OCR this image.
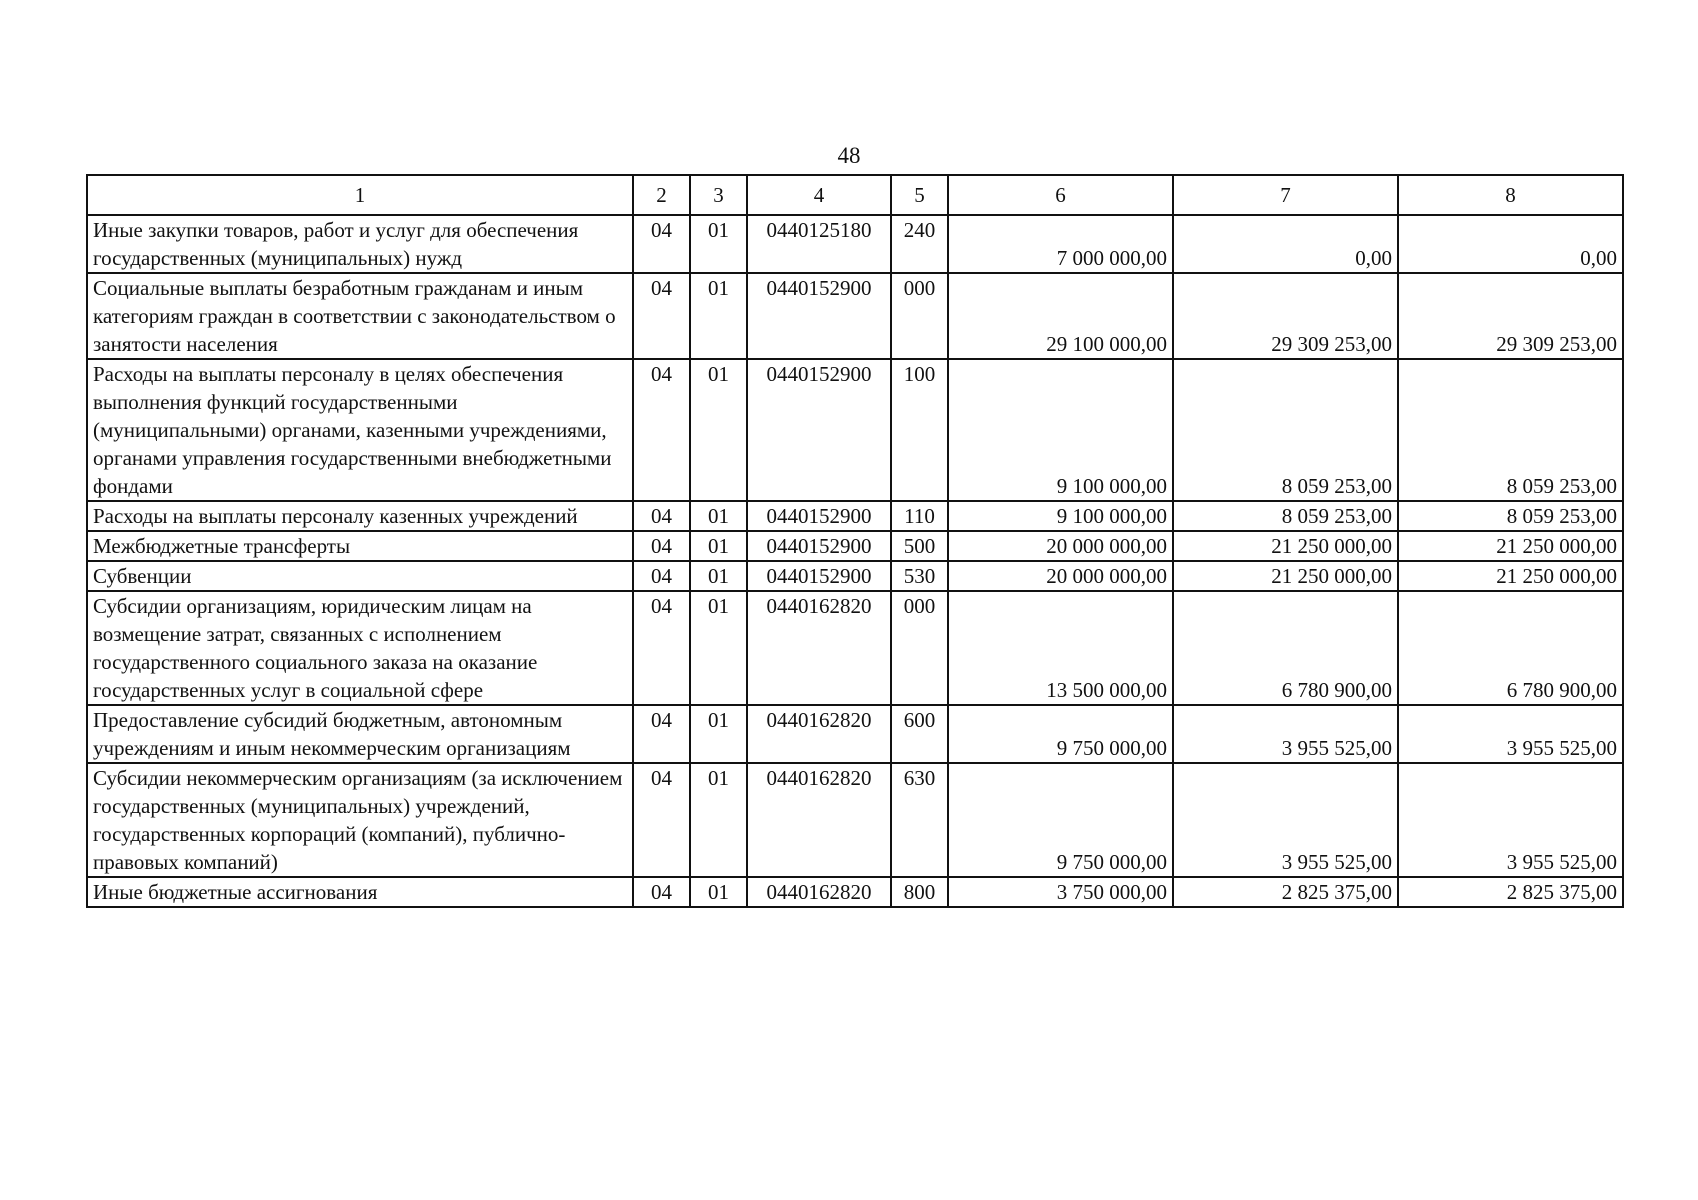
48
1	2	3	4	5	6	7	8
Иные закупки товаров, работ и услуг для обеспечения государственных (муниципальных) нужд	04	01	0440125180	240	7 000 000,00	0,00	0,00
Социальные выплаты безработным гражданам и иным категориям граждан в соответствии с законодательством о занятости населения	04	01	0440152900	000	29 100 000,00	29 309 253,00	29 309 253,00
Расходы на выплаты персоналу в целях обеспечения выполнения функций государственными (муниципальными) органами, казенными учреждениями, органами управления государственными внебюджетными фондами	04	01	0440152900	100	9 100 000,00	8 059 253,00	8 059 253,00
Расходы на выплаты персоналу казенных учреждений	04	01	0440152900	110	9 100 000,00	8 059 253,00	8 059 253,00
Межбюджетные трансферты	04	01	0440152900	500	20 000 000,00	21 250 000,00	21 250 000,00
Субвенции	04	01	0440152900	530	20 000 000,00	21 250 000,00	21 250 000,00
Субсидии организациям, юридическим лицам на возмещение затрат, связанных с исполнением государственного социального заказа на оказание государственных услуг в социальной сфере	04	01	0440162820	000	13 500 000,00	6 780 900,00	6 780 900,00
Предоставление субсидий бюджетным, автономным учреждениям и иным некоммерческим организациям	04	01	0440162820	600	9 750 000,00	3 955 525,00	3 955 525,00
Субсидии некоммерческим организациям (за исключением государственных (муниципальных) учреждений, государственных корпораций (компаний), публично-правовых компаний)	04	01	0440162820	630	9 750 000,00	3 955 525,00	3 955 525,00
Иные бюджетные ассигнования	04	01	0440162820	800	3 750 000,00	2 825 375,00	2 825 375,00
